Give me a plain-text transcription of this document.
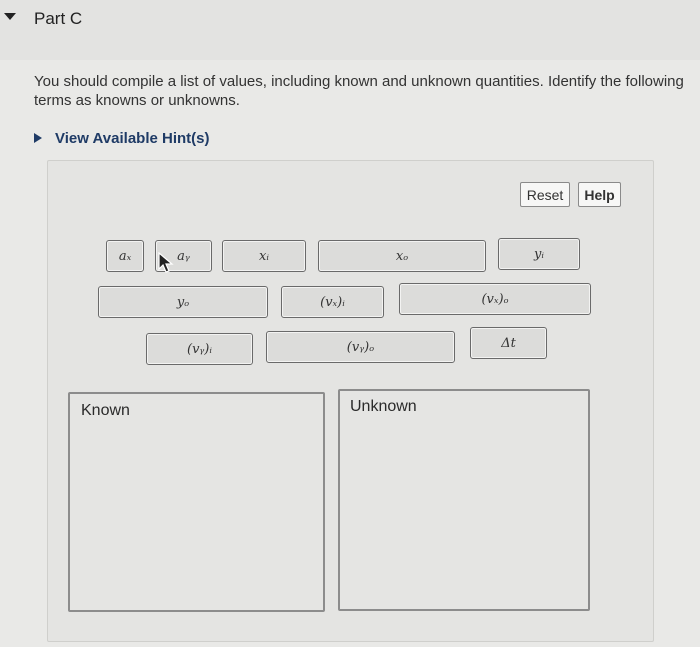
Part C
You should compile a list of values, including known and unknown quantities. Identify the following terms as knowns or unknowns.
View Available Hint(s)
Reset	Help
aₓ	aᵧ	xᵢ	xₒ	yᵢ
yₒ	(vₓ)ᵢ	(vₓ)ₒ
(vᵧ)ᵢ	(vᵧ)ₒ	Δt
Known	Unknown
